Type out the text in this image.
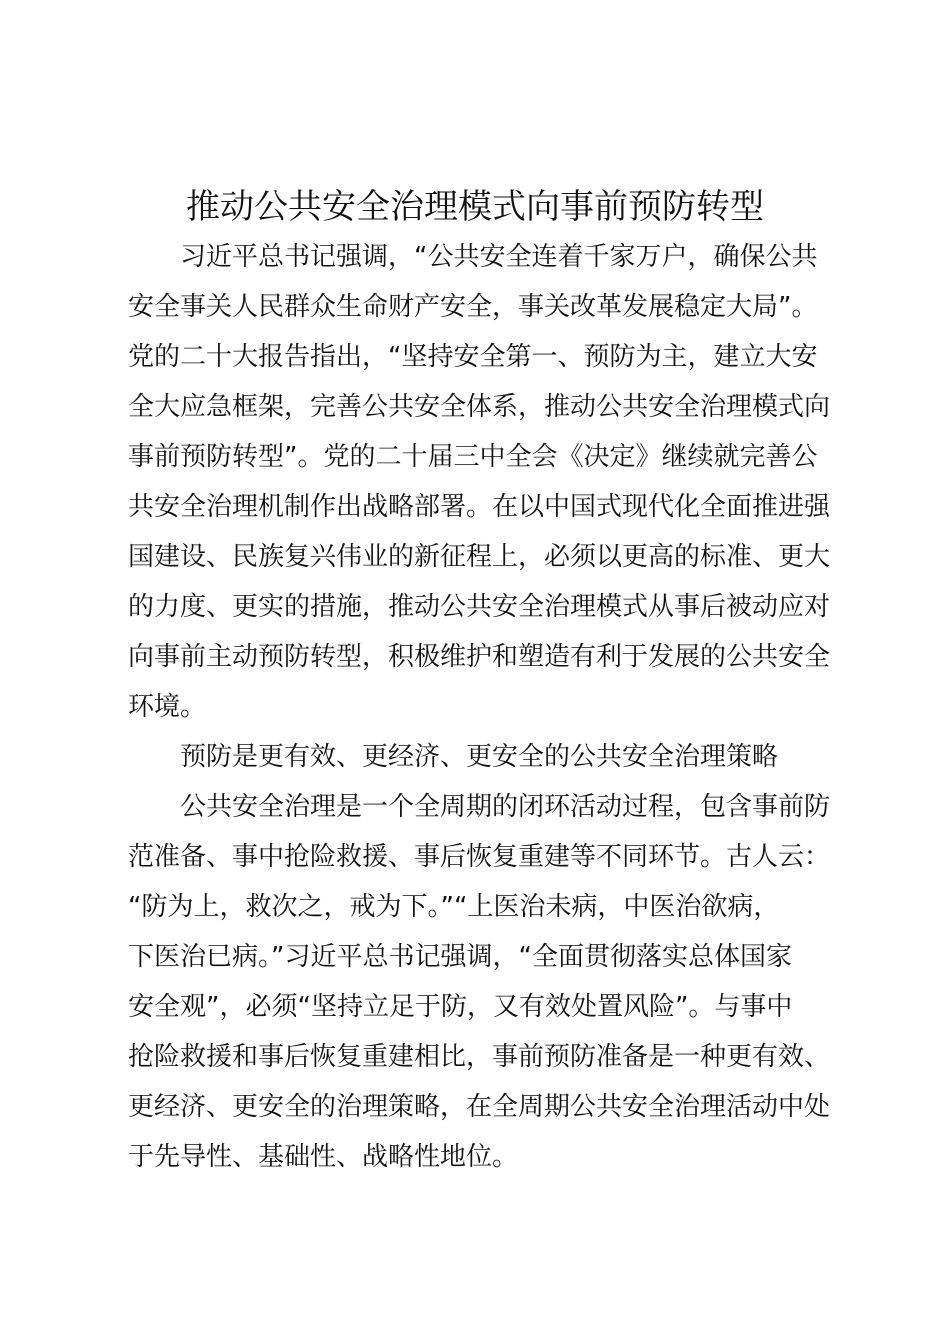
推动公共安全治理模式向事前预防转型
习近平总书记强调，“公共安全连着千家万户，确保公共
安全事关人民群众生命财产安全，事关改革发展稳定大局”。
党的二十大报告指出，“坚持安全第一、预防为主，建立大安
全大应急框架，完善公共安全体系，推动公共安全治理模式向
事前预防转型”。党的二十届三中全会《决定》继续就完善公
共安全治理机制作出战略部署。在以中国式现代化全面推进强
国建设、民族复兴伟业的新征程上，必须以更高的标准、更大
的力度、更实的措施，推动公共安全治理模式从事后被动应对
向事前主动预防转型，积极维护和塑造有利于发展的公共安全
环境。
预防是更有效、更经济、更安全的公共安全治理策略
公共安全治理是一个全周期的闭环活动过程，包含事前防
范准备、事中抢险救援、事后恢复重建等不同环节。古人云：
“防为上，救次之，戒为下。”“上医治未病，中医治欲病，
下医治已病。”习近平总书记强调，“全面贯彻落实总体国家
安全观”，必须“坚持立足于防，又有效处置风险”。与事中
抢险救援和事后恢复重建相比，事前预防准备是一种更有效、
更经济、更安全的治理策略，在全周期公共安全治理活动中处
于先导性、基础性、战略性地位。
